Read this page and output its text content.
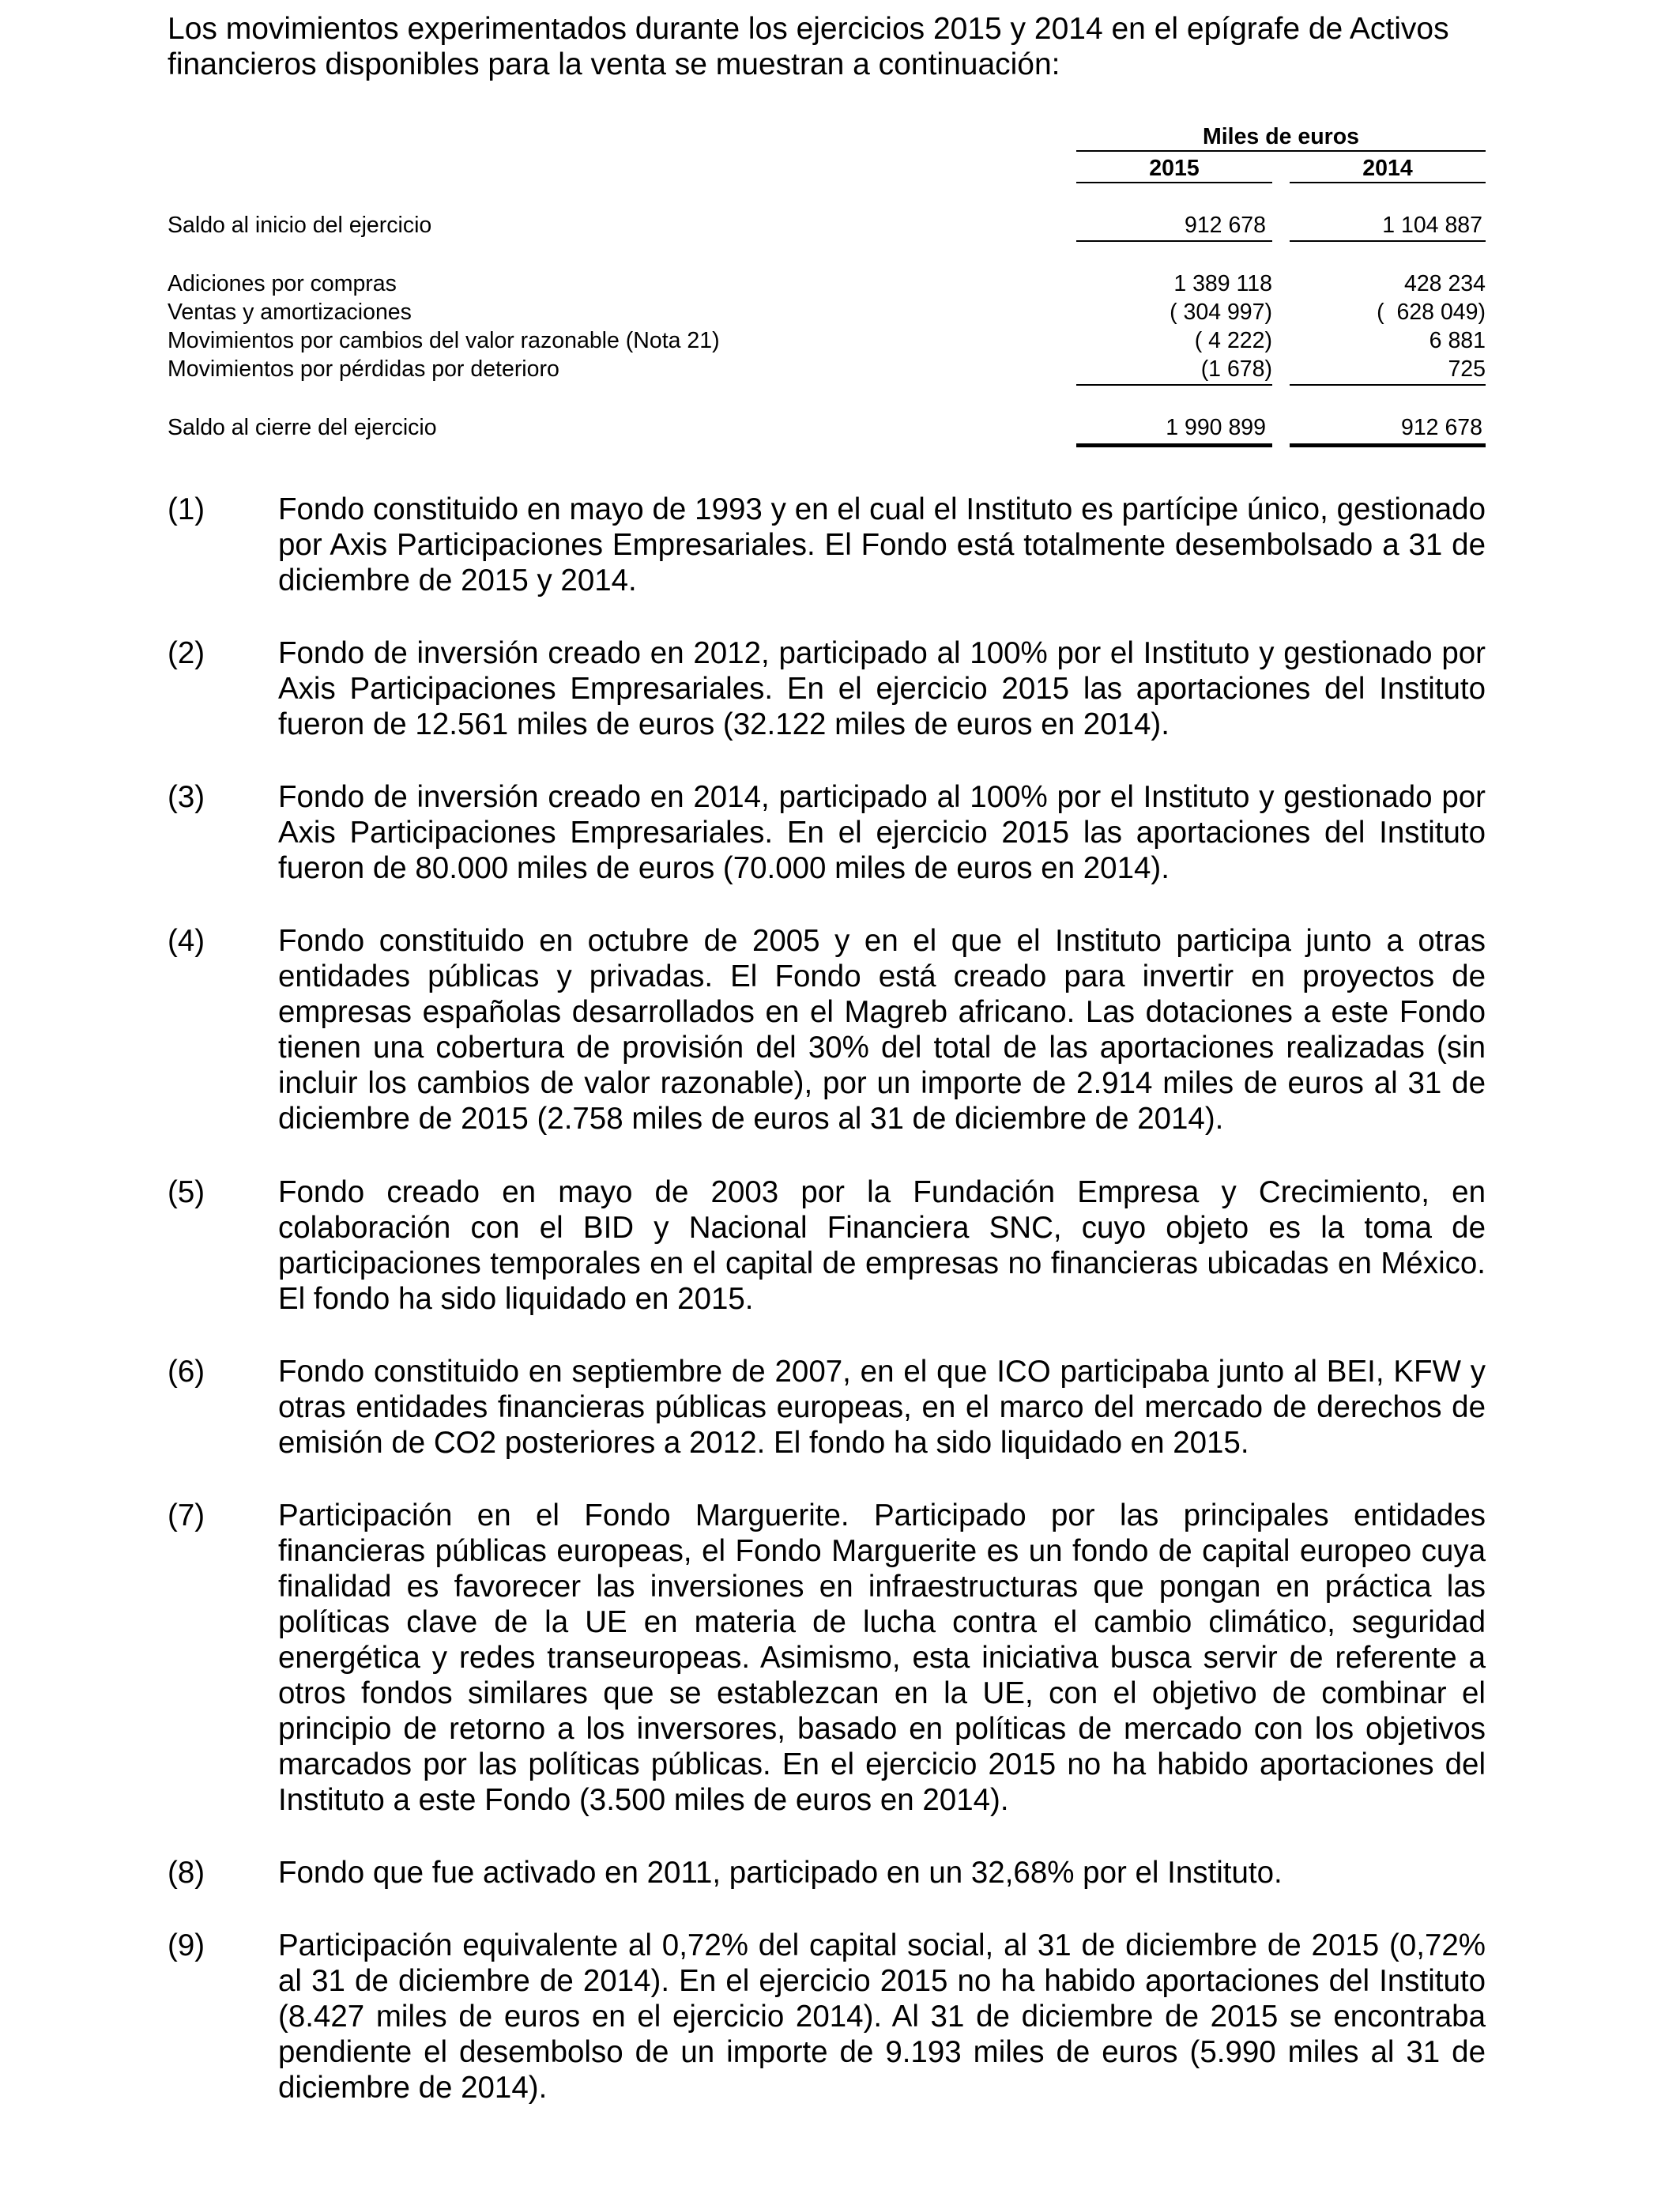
Los movimientos experimentados durante los ejercicios 2015 y 2014 en el epígrafe de Activos financieros disponibles para la venta se muestran a continuación:

Miles de euros
2015	2014
Saldo al inicio del ejercicio	912 678	1 104 887
Adiciones por compras	1 389 118	428 234
Ventas y amortizaciones	( 304 997)	(  628 049)
Movimientos por cambios del valor razonable (Nota 21)	( 4 222)	6 881
Movimientos por pérdidas por deterioro	(1 678)	725
Saldo al cierre del ejercicio	1 990 899	912 678
(1) Fondo constituido en mayo de 1993 y en el cual el Instituto es partícipe único, gestionado por Axis Participaciones Empresariales. El Fondo está totalmente desembolsado a 31 de diciembre de 2015 y 2014.
(2) Fondo de inversión creado en 2012, participado al 100% por el Instituto y gestionado por Axis Participaciones Empresariales. En el ejercicio 2015 las aportaciones del Instituto fueron de 12.561 miles de euros (32.122 miles de euros en 2014).
(3) Fondo de inversión creado en 2014, participado al 100% por el Instituto y gestionado por Axis Participaciones Empresariales. En el ejercicio 2015 las aportaciones del Instituto fueron de 80.000 miles de euros (70.000 miles de euros en 2014).
(4) Fondo constituido en octubre de 2005 y en el que el Instituto participa junto a otras entidades públicas y privadas. El Fondo está creado para invertir en proyectos de empresas españolas desarrollados en el Magreb africano. Las dotaciones a este Fondo tienen una cobertura de provisión del 30% del total de las aportaciones realizadas (sin incluir los cambios de valor razonable), por un importe de 2.914 miles de euros al 31 de diciembre de 2015 (2.758 miles de euros al 31 de diciembre de 2014).
(5) Fondo creado en mayo de 2003 por la Fundación Empresa y Crecimiento, en colaboración con el BID y Nacional Financiera SNC, cuyo objeto es la toma de participaciones temporales en el capital de empresas no financieras ubicadas en México. El fondo ha sido liquidado en 2015.
(6) Fondo constituido en septiembre de 2007, en el que ICO participaba junto al BEI, KFW y otras entidades financieras públicas europeas, en el marco del mercado de derechos de emisión de CO2 posteriores a 2012. El fondo ha sido liquidado en 2015.
(7) Participación en el Fondo Marguerite. Participado por las principales entidades financieras públicas europeas, el Fondo Marguerite es un fondo de capital europeo cuya finalidad es favorecer las inversiones en infraestructuras que pongan en práctica las políticas clave de la UE en materia de lucha contra el cambio climático, seguridad energética y redes transeuropeas. Asimismo, esta iniciativa busca servir de referente a otros fondos similares que se establezcan en la UE, con el objetivo de combinar el principio de retorno a los inversores, basado en políticas de mercado con los objetivos marcados por las políticas públicas. En el ejercicio 2015 no ha habido aportaciones del Instituto a este Fondo (3.500 miles de euros en 2014).
(8) Fondo que fue activado en 2011, participado en un 32,68% por el Instituto.
(9) Participación equivalente al 0,72% del capital social, al 31 de diciembre de 2015 (0,72% al 31 de diciembre de 2014). En el ejercicio 2015 no ha habido aportaciones del Instituto (8.427 miles de euros en el ejercicio 2014). Al 31 de diciembre de 2015 se encontraba pendiente el desembolso de un importe de 9.193 miles de euros (5.990 miles al 31 de diciembre de 2014).
